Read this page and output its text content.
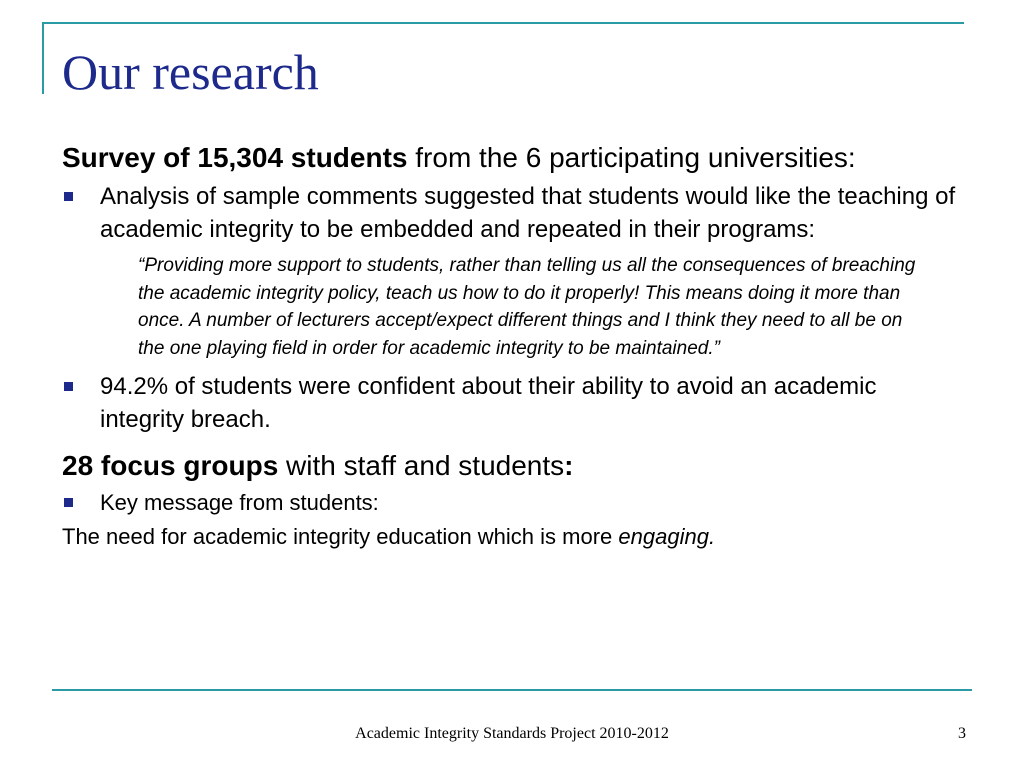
Our research

Survey of 15,304 students from the 6 participating universities:

Analysis of sample comments suggested that students would like the teaching of academic integrity to be embedded and repeated in their programs:

“Providing more support to students, rather than telling us all the consequences of breaching the academic integrity policy, teach us how to do it properly! This means doing it more than once. A number of lecturers accept/expect different things and I think they need to all be on the one playing field in order for academic integrity to be maintained.”

94.2% of students were confident about their ability to avoid an academic integrity breach.

28 focus groups with staff and students:

Key message from students:

The need for academic integrity education which is more engaging.

Academic Integrity Standards Project 2010-2012	3
